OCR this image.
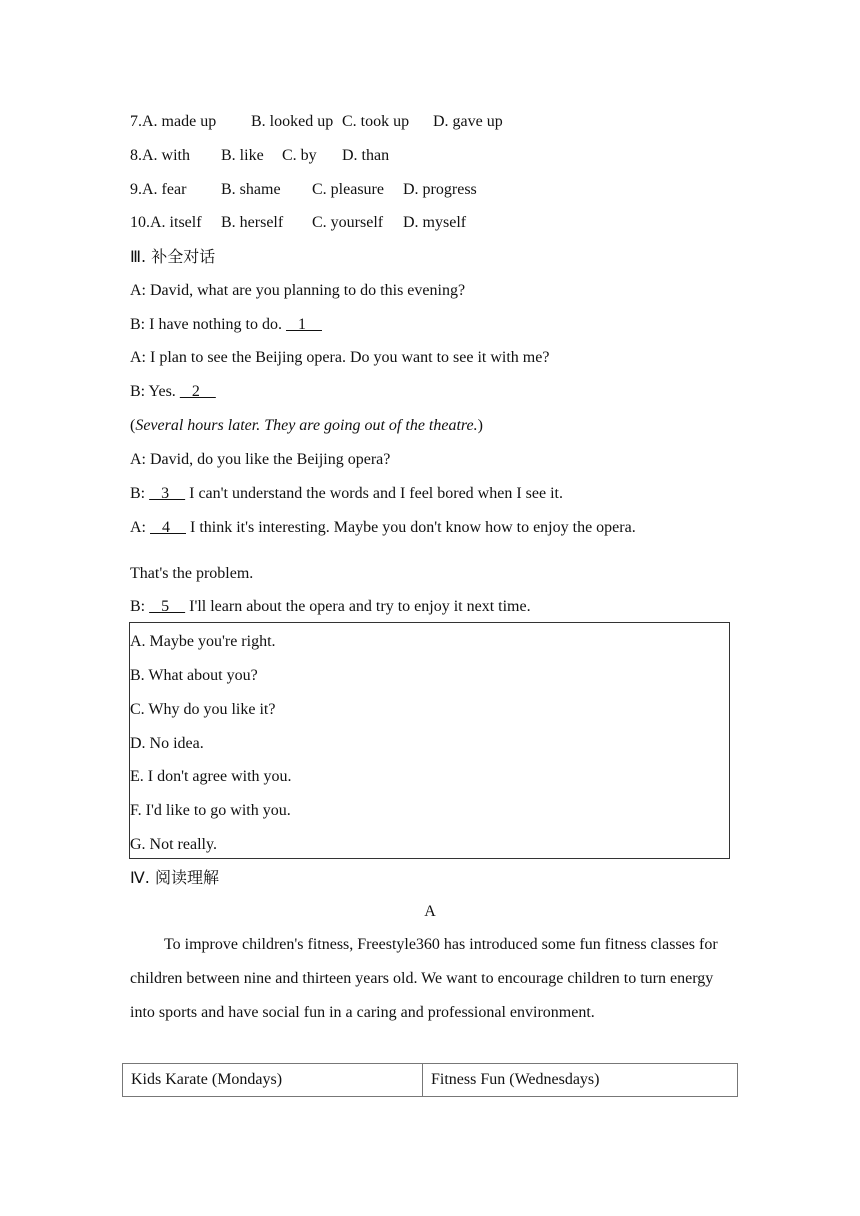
7.A. made up B. looked up C. took up D. gave up
8.A. with B. like C. by D. than
9.A. fear B. shame C. pleasure D. progress
10.A. itself B. herself C. yourself D. myself
Ⅲ. 补全对话
A: David, what are you planning to do this evening?
B: I have nothing to do.    1
A: I plan to see the Beijing opera. Do you want to see it with me?
B: Yes.    2
(Several hours later. They are going out of the theatre.)
A: David, do you like the Beijing opera?
B:    3     I can't understand the words and I feel bored when I see it.
A:    4     I think it's interesting. Maybe you don't know how to enjoy the opera.
That's the problem.
B:    5     I'll learn about the opera and try to enjoy it next time.
A. Maybe you're right.
B. What about you?
C. Why do you like it?
D. No idea.
E. I don't agree with you.
F. I'd like to go with you.
G. Not really.
Ⅳ. 阅读理解
A
To improve children's fitness, Freestyle360 has introduced some fun fitness classes for children between nine and thirteen years old. We want to encourage children to turn energy into sports and have social fun in a caring and professional environment.
Kids Karate (Mondays)	Fitness Fun (Wednesdays)
